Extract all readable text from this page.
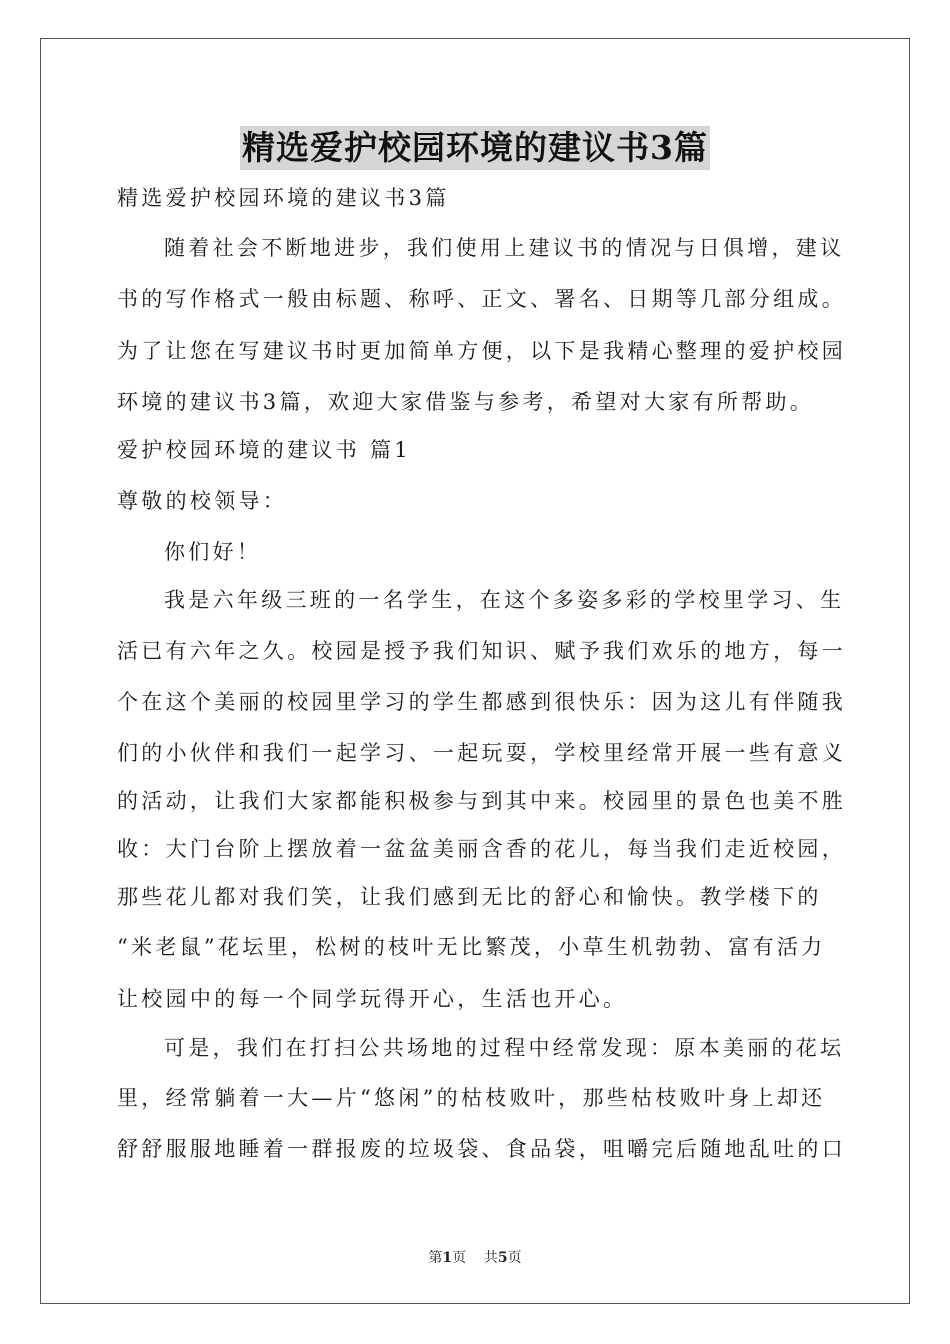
精选爱护校园环境的建议书3篇
精选爱护校园环境的建议书3篇
随着社会不断地进步，我们使用上建议书的情况与日俱增，建议
书的写作格式一般由标题、称呼、正文、署名、日期等几部分组成。
为了让您在写建议书时更加简单方便，以下是我精心整理的爱护校园
环境的建议书3篇，欢迎大家借鉴与参考，希望对大家有所帮助。
爱护校园环境的建议书 篇1
尊敬的校领导：
你们好！
我是六年级三班的一名学生，在这个多姿多彩的学校里学习、生
活已有六年之久。校园是授予我们知识、赋予我们欢乐的地方，每一
个在这个美丽的校园里学习的学生都感到很快乐：因为这儿有伴随我
们的小伙伴和我们一起学习、一起玩耍，学校里经常开展一些有意义
的活动，让我们大家都能积极参与到其中来。校园里的景色也美不胜
收：大门台阶上摆放着一盆盆美丽含香的花儿，每当我们走近校园，
那些花儿都对我们笑，让我们感到无比的舒心和愉快。教学楼下的
“米老鼠”花坛里，松树的枝叶无比繁茂，小草生机勃勃、富有活力
让校园中的每一个同学玩得开心，生活也开心。
可是，我们在打扫公共场地的过程中经常发现：原本美丽的花坛
里，经常躺着一大—片“悠闲”的枯枝败叶，那些枯枝败叶身上却还
舒舒服服地睡着一群报废的垃圾袋、食品袋，咀嚼完后随地乱吐的口
第1页 共5页
